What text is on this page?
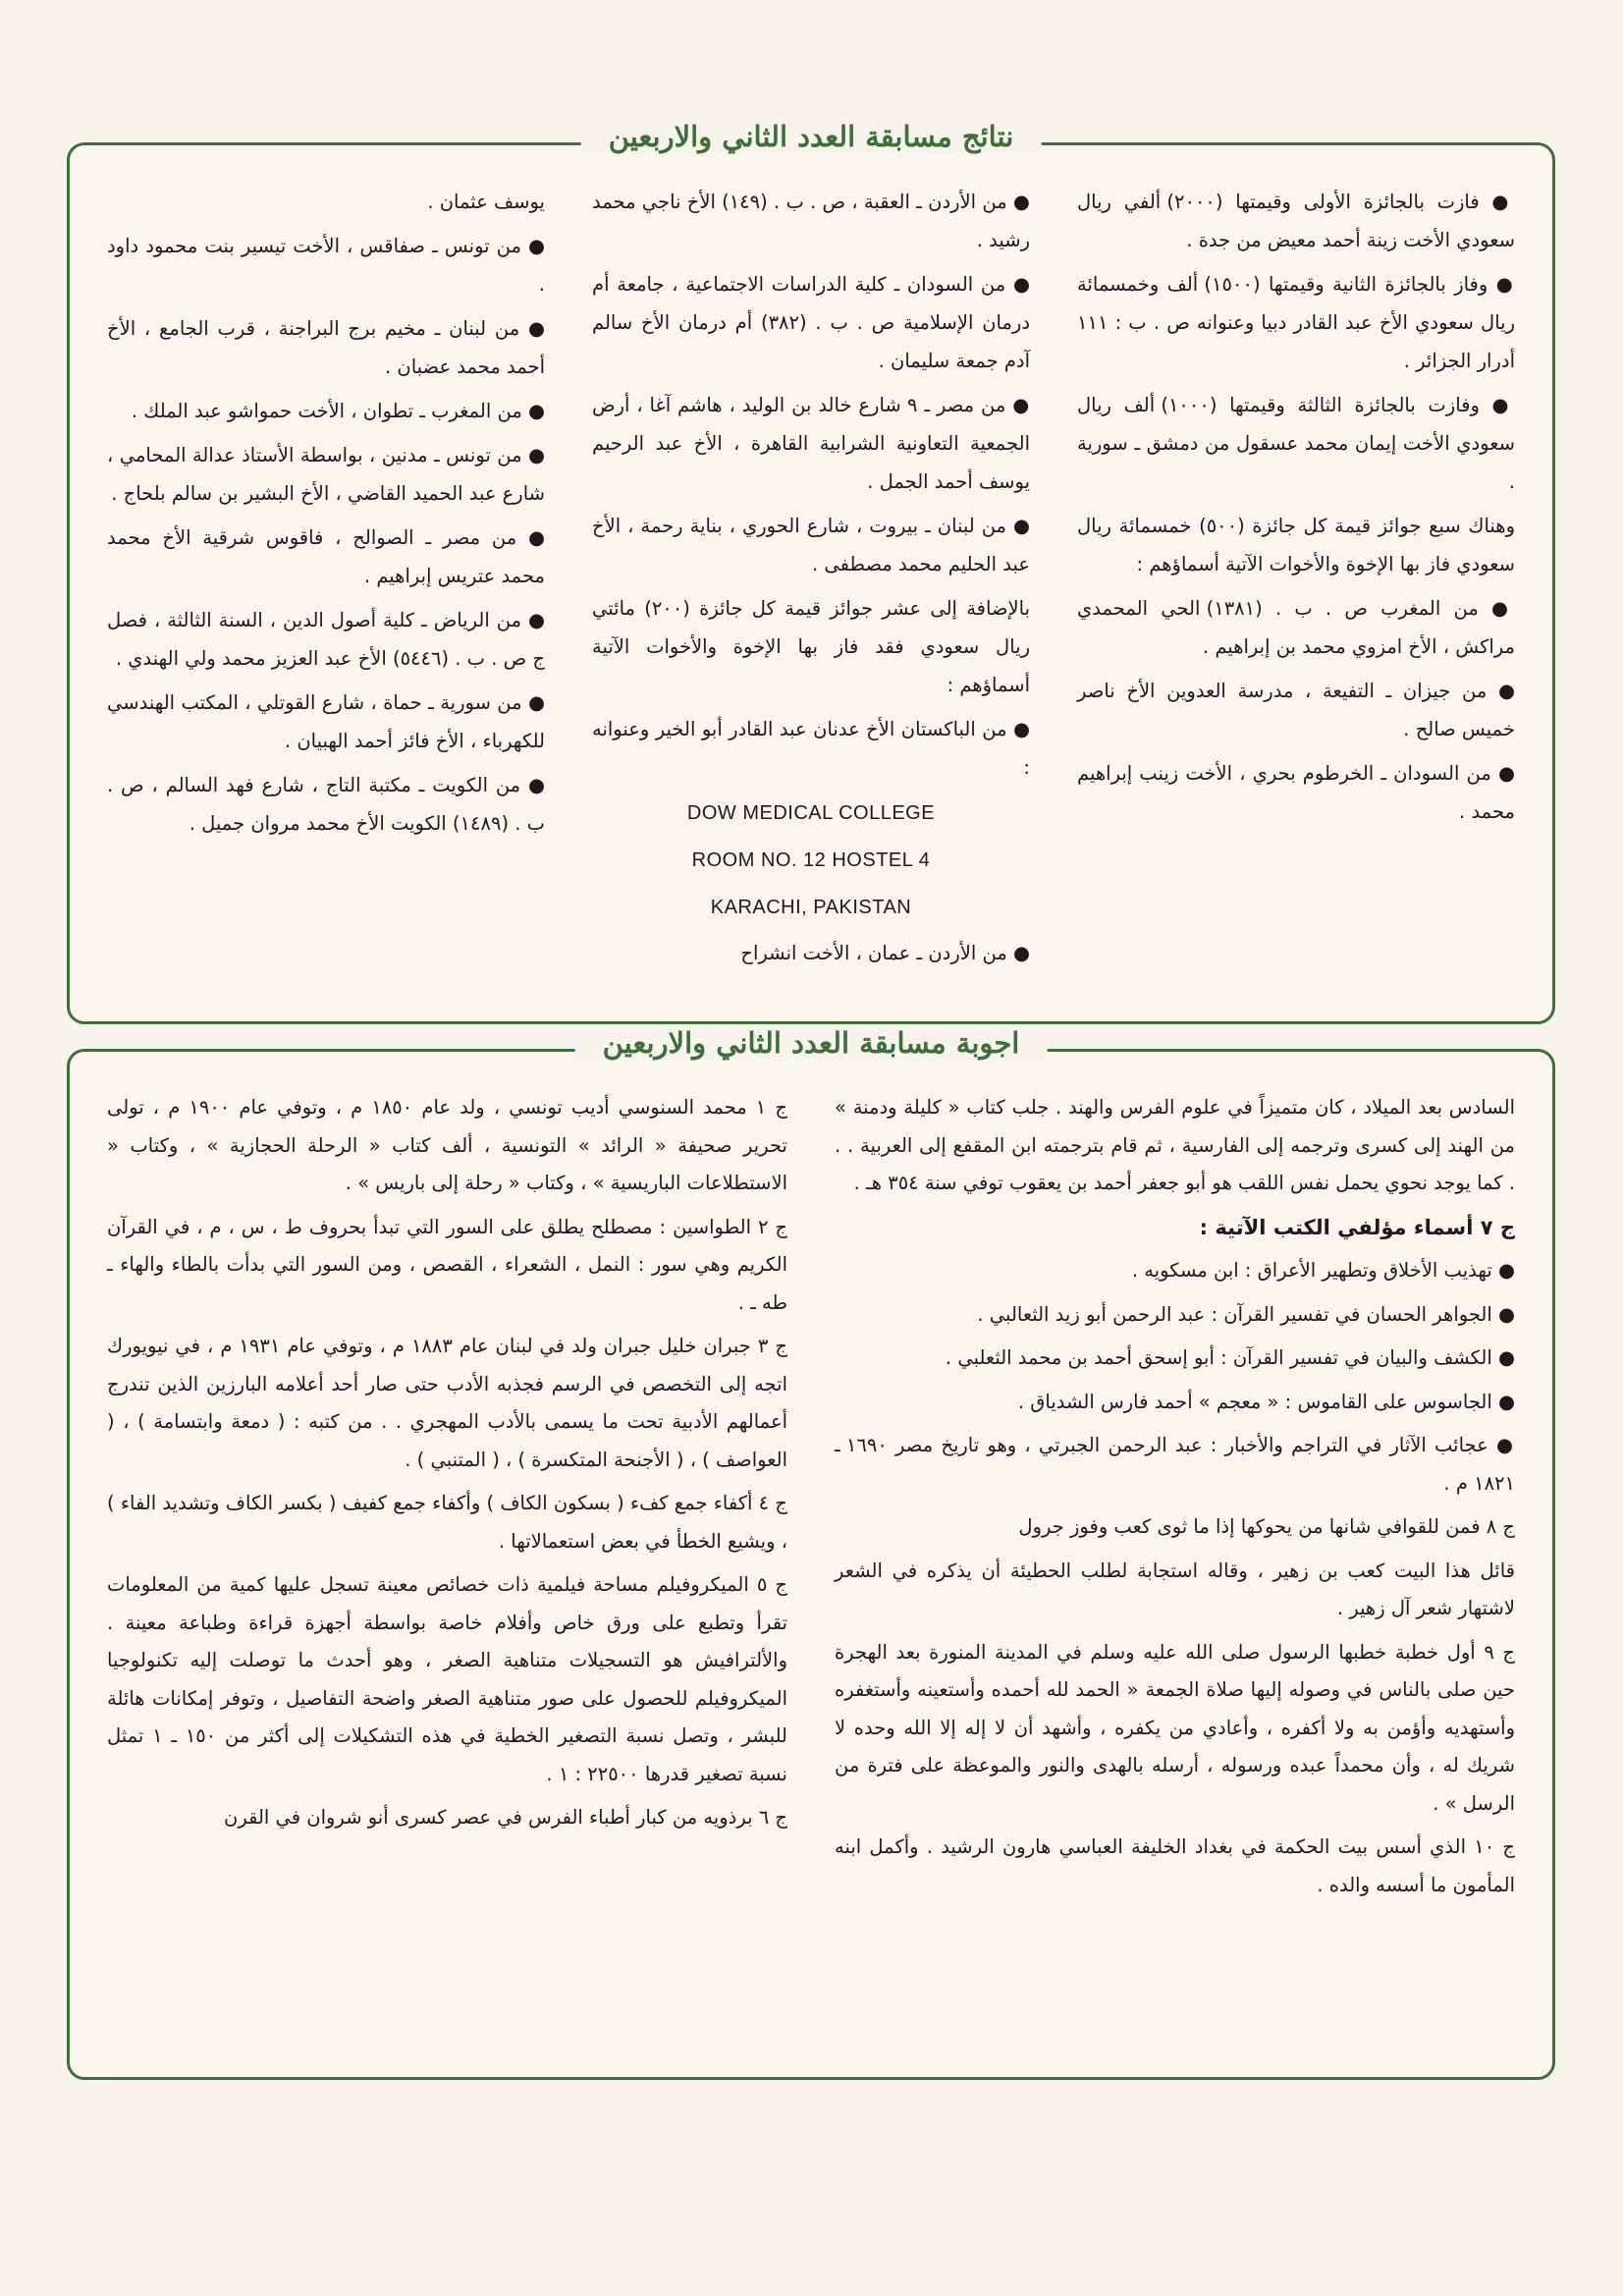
نتائج مسابقة العدد الثاني والاربعين

● فازت بالجائزة الأولى وقيمتها (٢٠٠٠) ألفي ريال سعودي الأخت زينة أحمد معيض من جدة .

● وفاز بالجائزة الثانية وقيمتها (١٥٠٠) ألف وخمسمائة ريال سعودي الأخ عبد القادر دبيا وعنوانه ص . ب : ١١١ أدرار الجزائر .

● وفازت بالجائزة الثالثة وقيمتها (١٠٠٠) ألف ريال سعودي الأخت إيمان محمد عسقول من دمشق ـ سورية .

وهناك سبع جوائز قيمة كل جائزة (٥٠٠) خمسمائة ريال سعودي فاز بها الإخوة والأخوات الآتية أسماؤهم :

● من المغرب ص . ب . (١٣٨١) الحي المحمدي مراكش ، الأخ امزوي محمد بن إبراهيم .

● من جيزان ـ التفيعة ، مدرسة العدوين الأخ ناصر خميس صالح .

● من السودان ـ الخرطوم بحري ، الأخت زينب إبراهيم محمد .

● من الأردن ـ العقبة ، ص . ب . (١٤٩) الأخ ناجي محمد رشيد .

● من السودان ـ كلية الدراسات الاجتماعية ، جامعة أم درمان الإسلامية ص . ب . (٣٨٢) أم درمان الأخ سالم آدم جمعة سليمان .

● من مصر ـ ٩ شارع خالد بن الوليد ، هاشم آغا ، أرض الجمعية التعاونية الشرابية القاهرة ، الأخ عبد الرحيم يوسف أحمد الجمل .

● من لبنان ـ بيروت ، شارع الحوري ، بناية رحمة ، الأخ عبد الحليم محمد مصطفى .

بالإضافة إلى عشر جوائز قيمة كل جائزة (٢٠٠) مائتي ريال سعودي فقد فاز بها الإخوة والأخوات الآتية أسماؤهم :

● من الباكستان الأخ عدنان عبد القادر أبو الخير وعنوانه :

DOW MEDICAL COLLEGE
ROOM NO. 12 HOSTEL 4
KARACHI, PAKISTAN

● من الأردن ـ عمان ، الأخت انشراح

يوسف عثمان .

● من تونس ـ صفاقس ، الأخت تيسير بنت محمود داود .

● من لبنان ـ مخيم برج البراجنة ، قرب الجامع ، الأخ أحمد محمد عضبان .

● من المغرب ـ تطوان ، الأخت حمواشو عبد الملك .

● من تونس ـ مدنين ، بواسطة الأستاذ عدالة المحامي ، شارع عبد الحميد القاضي ، الأخ البشير بن سالم بلحاج .

● من مصر ـ الصوالح ، فاقوس شرقية الأخ محمد محمد عتريس إبراهيم .

● من الرياض ـ كلية أصول الدين ، السنة الثالثة ، فصل ج ص . ب . (٥٤٤٦) الأخ عبد العزيز محمد ولي الهندي .

● من سورية ـ حماة ، شارع القوتلي ، المكتب الهندسي للكهرباء ، الأخ فائز أحمد الهبيان .

● من الكويت ـ مكتبة التاج ، شارع فهد السالم ، ص . ب . (١٤٨٩) الكويت الأخ محمد مروان جميل .

اجوبة مسابقة العدد الثاني والاربعين

السادس بعد الميلاد ، كان متميزاً في علوم الفرس والهند . جلب كتاب « كليلة ودمنة » من الهند إلى كسرى وترجمه إلى الفارسية ، ثم قام بترجمته ابن المقفع إلى العربية . . . كما يوجد نحوي يحمل نفس اللقب هو أبو جعفر أحمد بن يعقوب توفي سنة ٣٥٤ هـ .

ج ٧ أسماء مؤلفي الكتب الآتية :

● تهذيب الأخلاق وتطهير الأعراق : ابن مسكويه .

● الجواهر الحسان في تفسير القرآن : عبد الرحمن أبو زيد الثعالبي .

● الكشف والبيان في تفسير القرآن : أبو إسحق أحمد بن محمد الثعلبي .

● الجاسوس على القاموس : « معجم » أحمد فارس الشدياق .

● عجائب الآثار في التراجم والأخبار : عبد الرحمن الجبرتي ، وهو تاريخ مصر ١٦٩٠ ـ ١٨٢١ م .

ج ٨ فمن للقوافي شانها من يحوكها إذا ما ثوى كعب وفوز جرول

قائل هذا البيت كعب بن زهير ، وقاله استجابة لطلب الحطيئة أن يذكره في الشعر لاشتهار شعر آل زهير .

ج ٩ أول خطبة خطبها الرسول صلى الله عليه وسلم في المدينة المنورة بعد الهجرة حين صلى بالناس في وصوله إليها صلاة الجمعة « الحمد لله أحمده وأستعينه وأستغفره وأستهديه وأؤمن به ولا أكفره ، وأعادي من يكفره ، وأشهد أن لا إله إلا الله وحده لا شريك له ، وأن محمداً عبده ورسوله ، أرسله بالهدى والنور والموعظة على فترة من الرسل » .

ج ١٠ الذي أسس بيت الحكمة في بغداد الخليفة العباسي هارون الرشيد . وأكمل ابنه المأمون ما أسسه والده .

ج ١ محمد السنوسي أديب تونسي ، ولد عام ١٨٥٠ م ، وتوفي عام ١٩٠٠ م ، تولى تحرير صحيفة « الرائد » التونسية ، ألف كتاب « الرحلة الحجازية » ، وكتاب « الاستطلاعات الباريسية » ، وكتاب « رحلة إلى باريس » .

ج ٢ الطواسين : مصطلح يطلق على السور التي تبدأ بحروف ط ، س ، م ، في القرآن الكريم وهي سور : النمل ، الشعراء ، القصص ، ومن السور التي بدأت بالطاء والهاء ـ طه ـ .

ج ٣ جبران خليل جبران ولد في لبنان عام ١٨٨٣ م ، وتوفي عام ١٩٣١ م ، في نيويورك اتجه إلى التخصص في الرسم فجذبه الأدب حتى صار أحد أعلامه البارزين الذين تندرج أعمالهم الأدبية تحت ما يسمى بالأدب المهجري . . من كتبه : ( دمعة وابتسامة ) ، ( العواصف ) ، ( الأجنحة المتكسرة ) ، ( المتنبي ) .

ج ٤ أكفاء جمع كفء ( بسكون الكاف ) وأكفاء جمع كفيف ( بكسر الكاف وتشديد الفاء ) ، ويشيع الخطأ في بعض استعمالاتها .

ج ٥ الميكروفيلم مساحة فيلمية ذات خصائص معينة تسجل عليها كمية من المعلومات تقرأ وتطبع على ورق خاص وأفلام خاصة بواسطة أجهزة قراءة وطباعة معينة . والألترافيش هو التسجيلات متناهية الصغر ، وهو أحدث ما توصلت إليه تكنولوجيا الميكروفيلم للحصول على صور متناهية الصغر واضحة التفاصيل ، وتوفر إمكانات هائلة للبشر ، وتصل نسبة التصغير الخطية في هذه التشكيلات إلى أكثر من ١٥٠ ـ ١ تمثل نسبة تصغير قدرها ٢٢٥٠٠ : ١ .

ج ٦ برذويه من كبار أطباء الفرس في عصر كسرى أنو شروان في القرن
